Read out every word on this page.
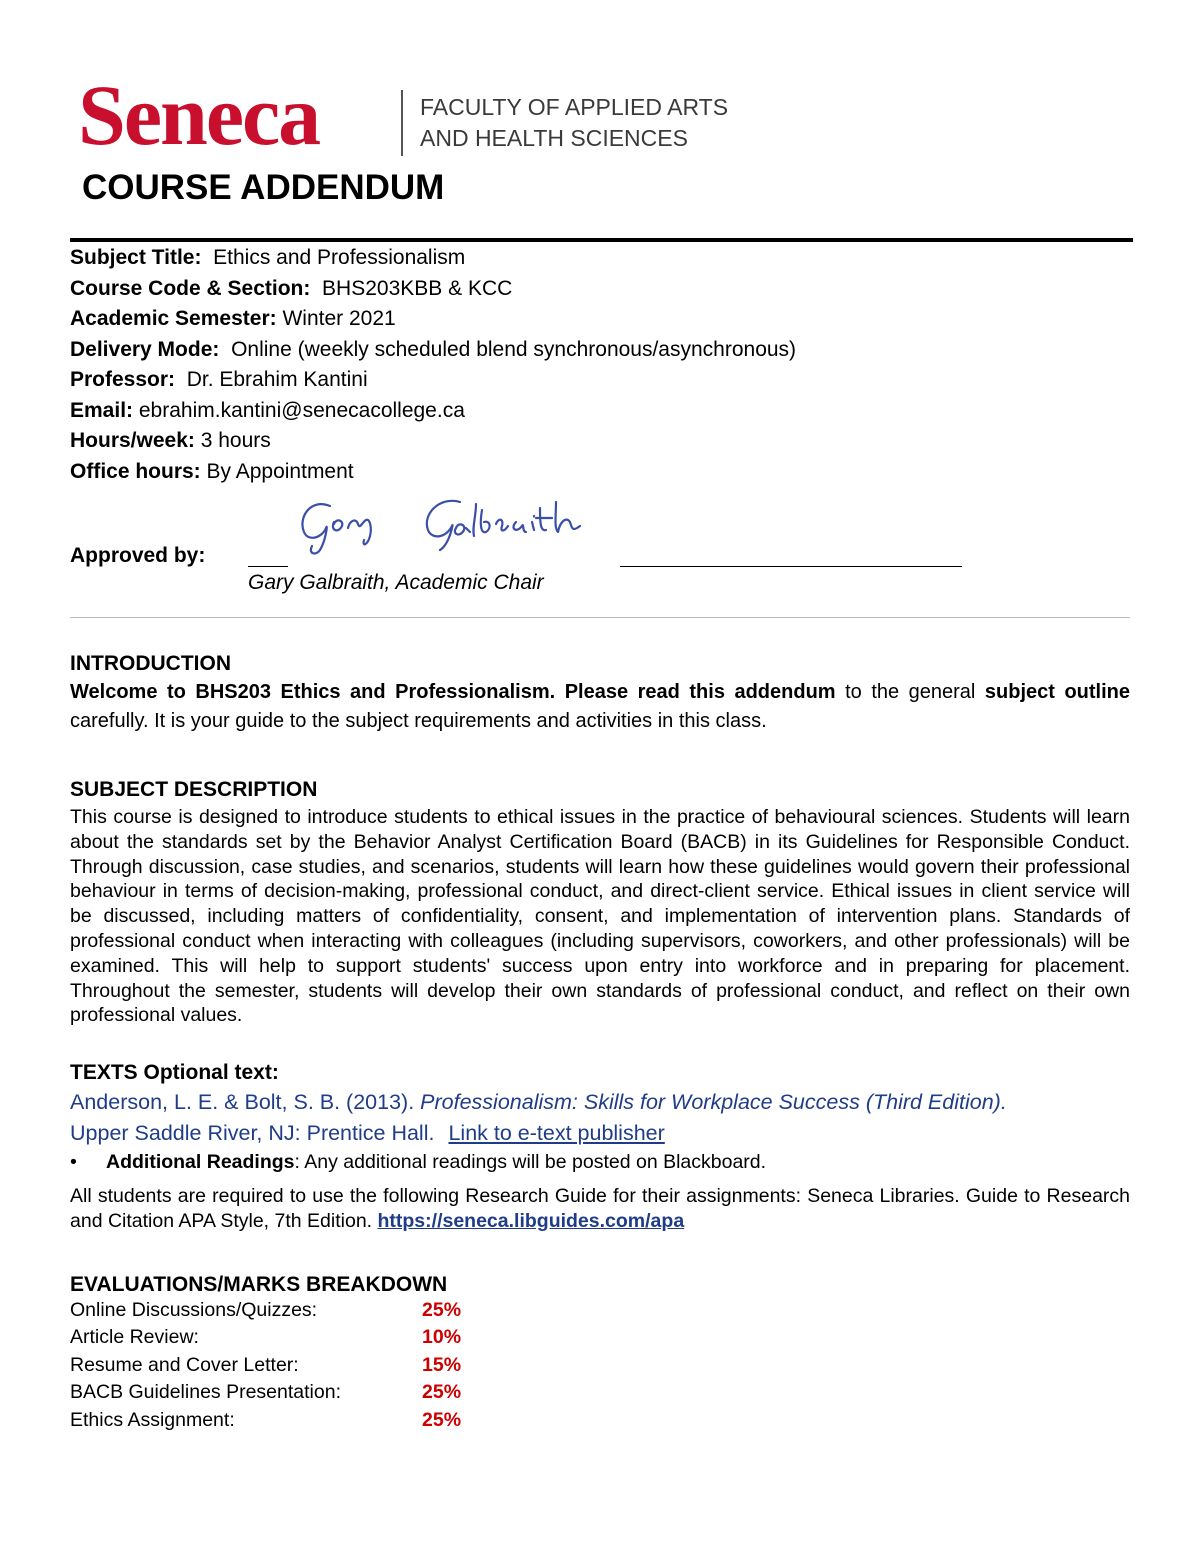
Seneca	FACULTY OF APPLIED ARTS
AND HEALTH SCIENCES
COURSE ADDENDUM
Subject Title: Ethics and Professionalism
Course Code & Section: BHS203KBB & KCC
Academic Semester: Winter 2021
Delivery Mode: Online (weekly scheduled blend synchronous/asynchronous)
Professor: Dr. Ebrahim Kantini
Email: ebrahim.kantini@senecacollege.ca
Hours/week: 3 hours
Office hours: By Appointment
Approved by:
Gary Galbraith, Academic Chair
INTRODUCTION
Welcome to BHS203 Ethics and Professionalism. Please read this addendum to the general subject outline carefully. It is your guide to the subject requirements and activities in this class.
SUBJECT DESCRIPTION
This course is designed to introduce students to ethical issues in the practice of behavioural sciences. Students will learn about the standards set by the Behavior Analyst Certification Board (BACB) in its Guidelines for Responsible Conduct. Through discussion, case studies, and scenarios, students will learn how these guidelines would govern their professional behaviour in terms of decision-making, professional conduct, and direct-client service. Ethical issues in client service will be discussed, including matters of confidentiality, consent, and implementation of intervention plans. Standards of professional conduct when interacting with colleagues (including supervisors, coworkers, and other professionals) will be examined. This will help to support students' success upon entry into workforce and in preparing for placement. Throughout the semester, students will develop their own standards of professional conduct, and reflect on their own professional values.
TEXTS Optional text:
Anderson, L. E. & Bolt, S. B. (2013). Professionalism: Skills for Workplace Success (Third Edition).
Upper Saddle River, NJ: Prentice Hall. Link to e-text publisher
• Additional Readings: Any additional readings will be posted on Blackboard.
All students are required to use the following Research Guide for their assignments: Seneca Libraries. Guide to Research and Citation APA Style, 7th Edition. https://seneca.libguides.com/apa
EVALUATIONS/MARKS BREAKDOWN
Online Discussions/Quizzes:	25%
Article Review:	10%
Resume and Cover Letter:	15%
BACB Guidelines Presentation:	25%
Ethics Assignment:	25%
